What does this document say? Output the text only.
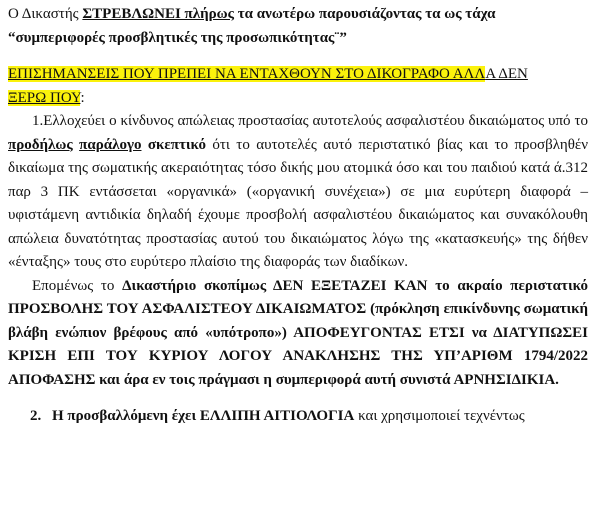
Ο Δικαστής ΣΤΡΕΒΛΩΝΕΙ πλήρως τα ανωτέρω παρουσιάζοντας τα ως τάχα
“συμπεριφορές προσβλητικές της προσωπικότητας¨”

ΕΠΙΣΗΜΑΝΣΕΙΣ ΠΟΥ ΠΡΕΠΕΙ ΝΑ ΕΝΤΑΧΘΟΥΝ ΣΤΟ ΔΙΚΟΓΡΑΦΟ ΑΛΛΑ ΔΕΝ
ΞΕΡΩ ΠΟΥ:

1.Ελλοχεύει ο κίνδυνος απώλειας προστασίας αυτοτελούς ασφαλιστέου δικαιώματος υπό το προδήλως παράλογο σκεπτικό ότι το αυτοτελές αυτό περιστατικό βίας και το προσβληθέν δικαίωμα της σωματικής ακεραιότητας τόσο δικής μου ατομικά όσο και του παιδιού κατά ά.312 παρ 3 ΠΚ εντάσσεται «οργανικά» («οργανική συνέχεια») σε μια ευρύτερη διαφορά – υφιστάμενη αντιδικία δηλαδή έχουμε προσβολή ασφαλιστέου δικαιώματος και συνακόλουθη απώλεια δυνατότητας προστασίας αυτού του δικαιώματος λόγω της «κατασκευής» της δήθεν «ένταξης» τους στο ευρύτερο πλαίσιο της διαφοράς των διαδίκων.

Επομένως το Δικαστήριο σκοπίμως ΔΕΝ ΕΞΕΤΑΖΕΙ ΚΑΝ το ακραίο περιστατικό ΠΡΟΣΒΟΛΗΣ ΤΟΥ ΑΣΦΑΛΙΣΤΕΟΥ ΔΙΚΑΙΩΜΑΤΟΣ (πρόκληση επικίνδυνης σωματική βλάβη ενώπιον βρέφους από «υπότροπο») ΑΠΟΦΕΥΓΟΝΤΑΣ ΕΤΣΙ να ΔΙΑΤΥΠΩΣΕΙ ΚΡΙΣΗ ΕΠΙ ΤΟΥ ΚΥΡΙΟΥ ΛΟΓΟΥ ΑΝΑΚΛΗΣΗΣ ΤΗΣ ΥΠ’ΑΡΙΘΜ 1794/2022 ΑΠΟΦΑΣΗΣ και άρα εν τοις πράγμασι η συμπεριφορά αυτή συνιστά ΑΡΝΗΣΙΔΙΚΙΑ.

2. Η προσβαλλόμενη έχει ΕΛΛΙΠΗ ΑΙΤΙΟΛΟΓΙΑ και χρησιμοποιεί τεχνέντως
